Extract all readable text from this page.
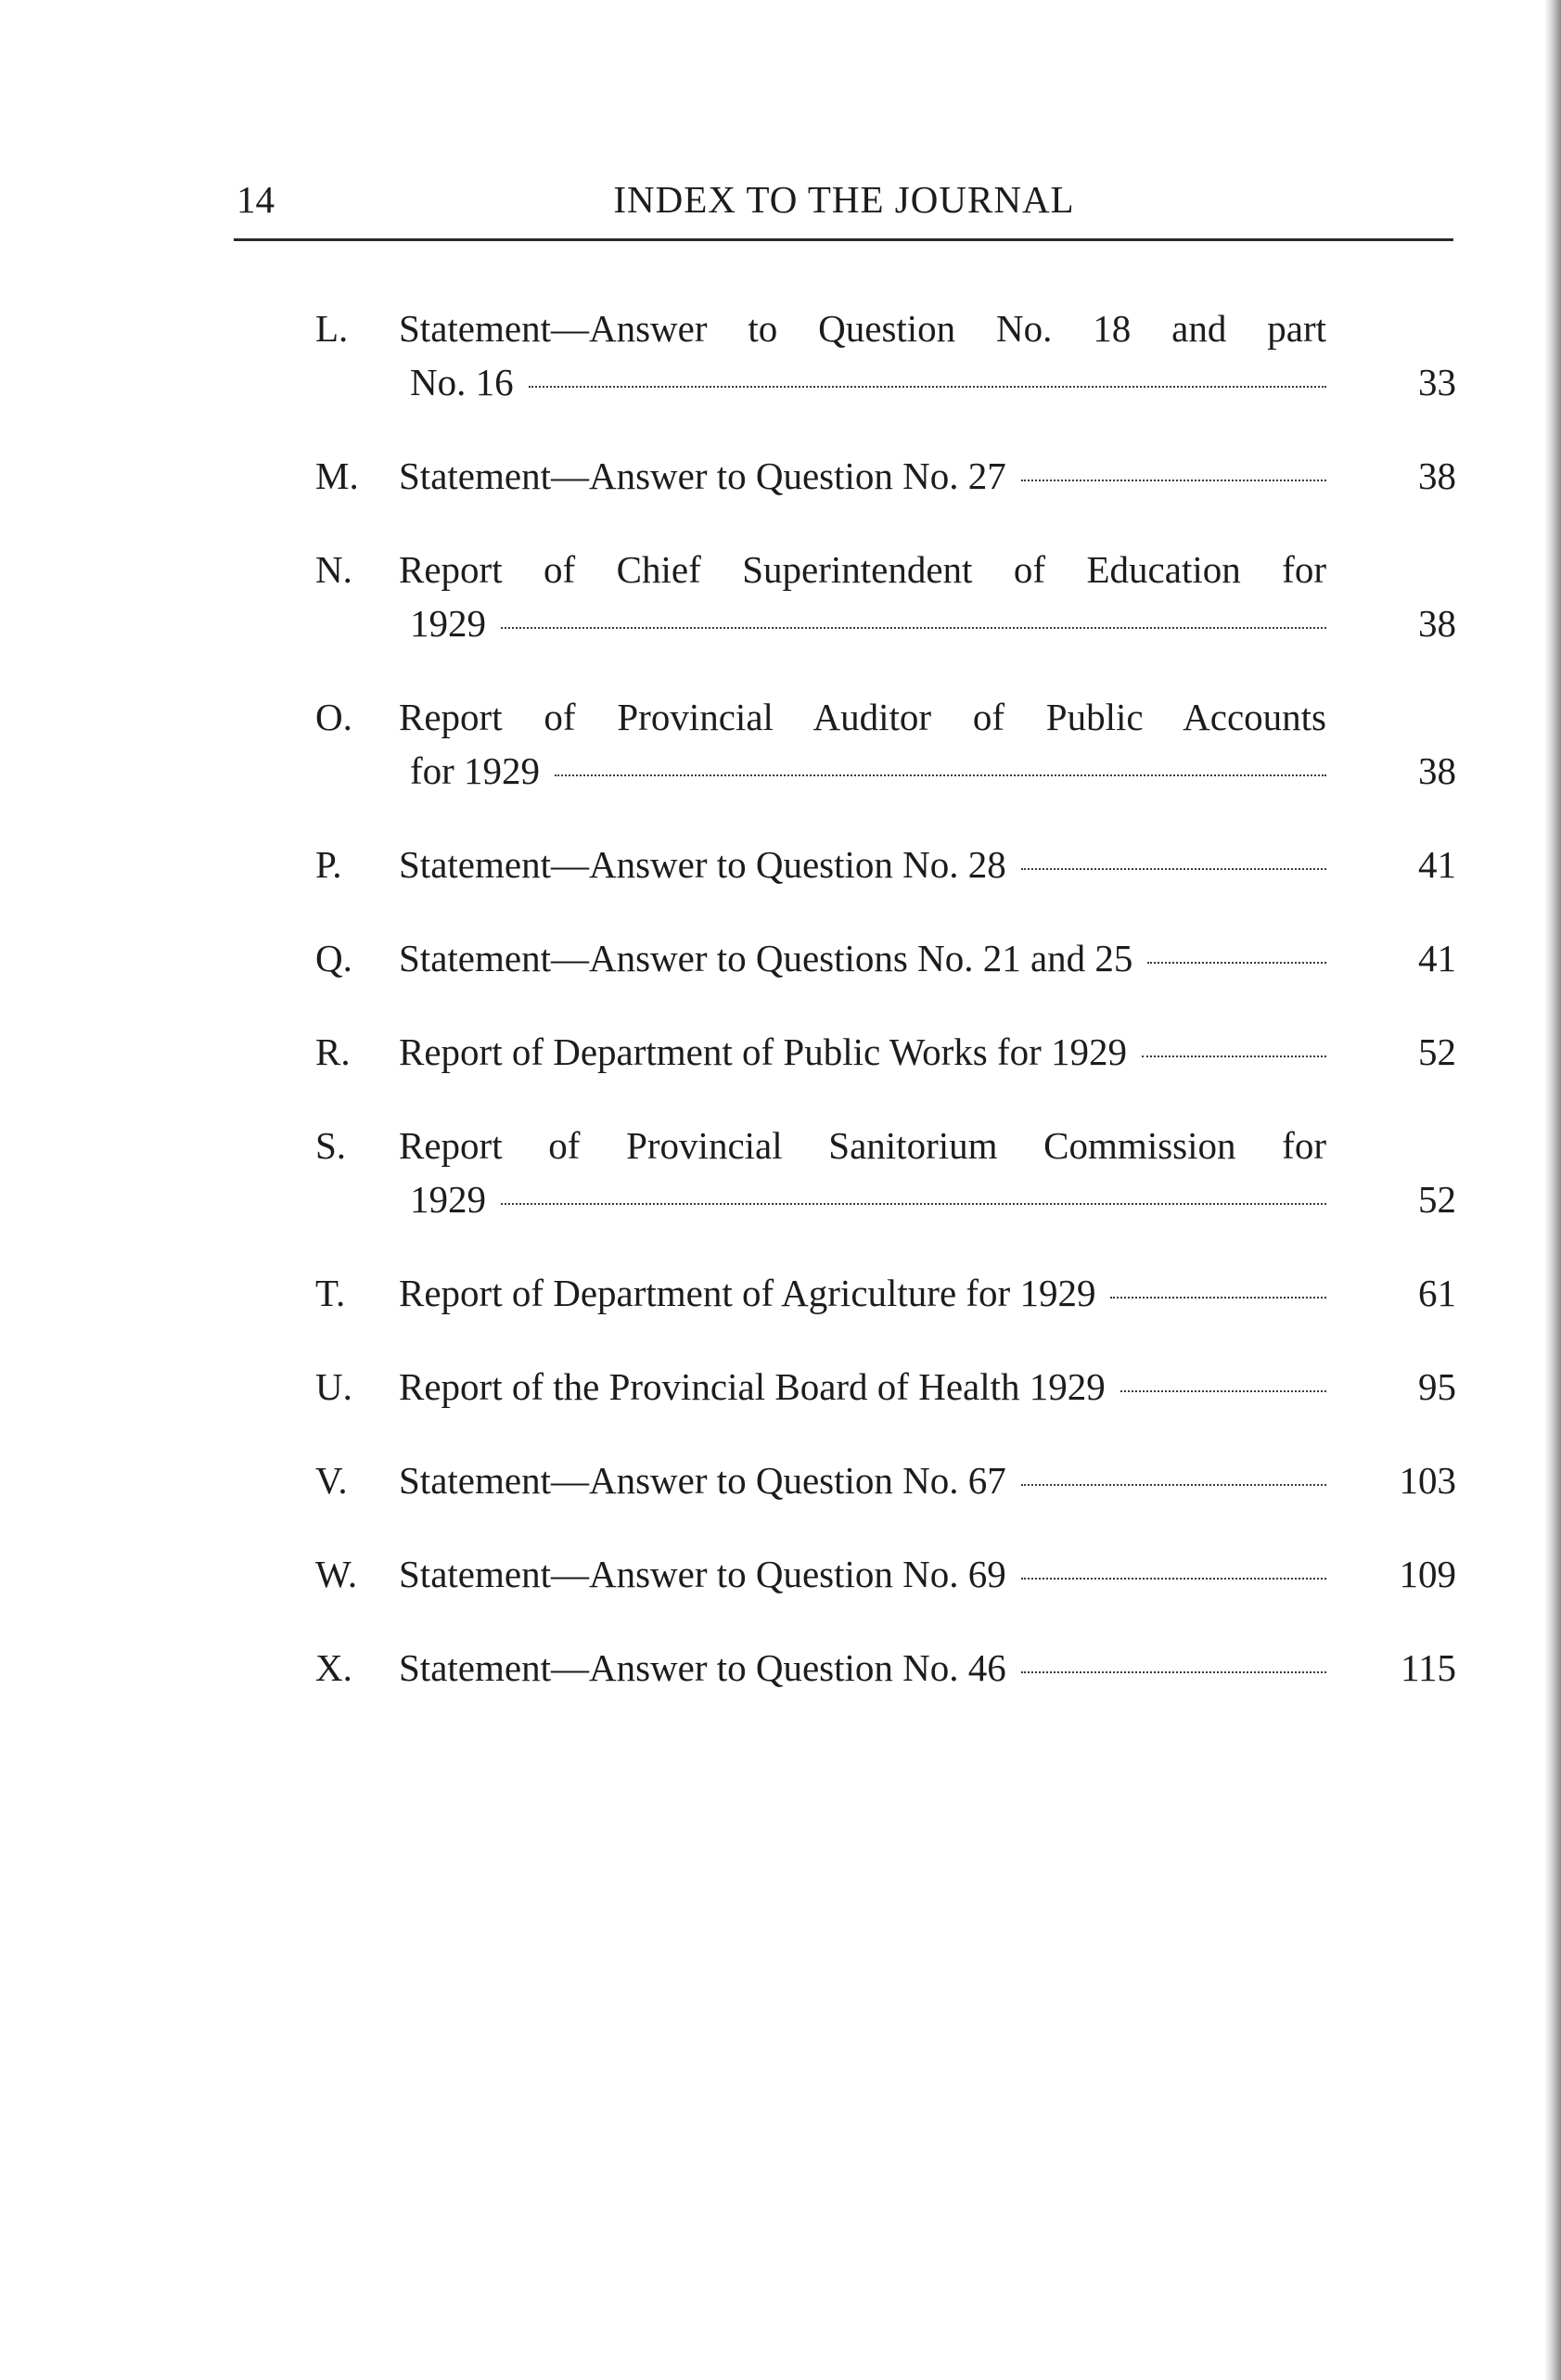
14	INDEX TO THE JOURNAL
L.	Statement—Answer to Question No. 18 and part
No. 16	33
M.	Statement—Answer to Question No. 27	38
N.	Report of Chief Superintendent of Education for
1929	38
O.	Report of Provincial Auditor of Public Accounts
for 1929	38
P.	Statement—Answer to Question No. 28	41
Q.	Statement—Answer to Questions No. 21 and 25	41
R.	Report of Department of Public Works for 1929	52
S.	Report of Provincial Sanitorium Commission for
1929	52
T.	Report of Department of Agriculture for 1929	61
U.	Report of the Provincial Board of Health 1929	95
V.	Statement—Answer to Question No. 67	103
W.	Statement—Answer to Question No. 69	109
X.	Statement—Answer to Question No. 46	115
